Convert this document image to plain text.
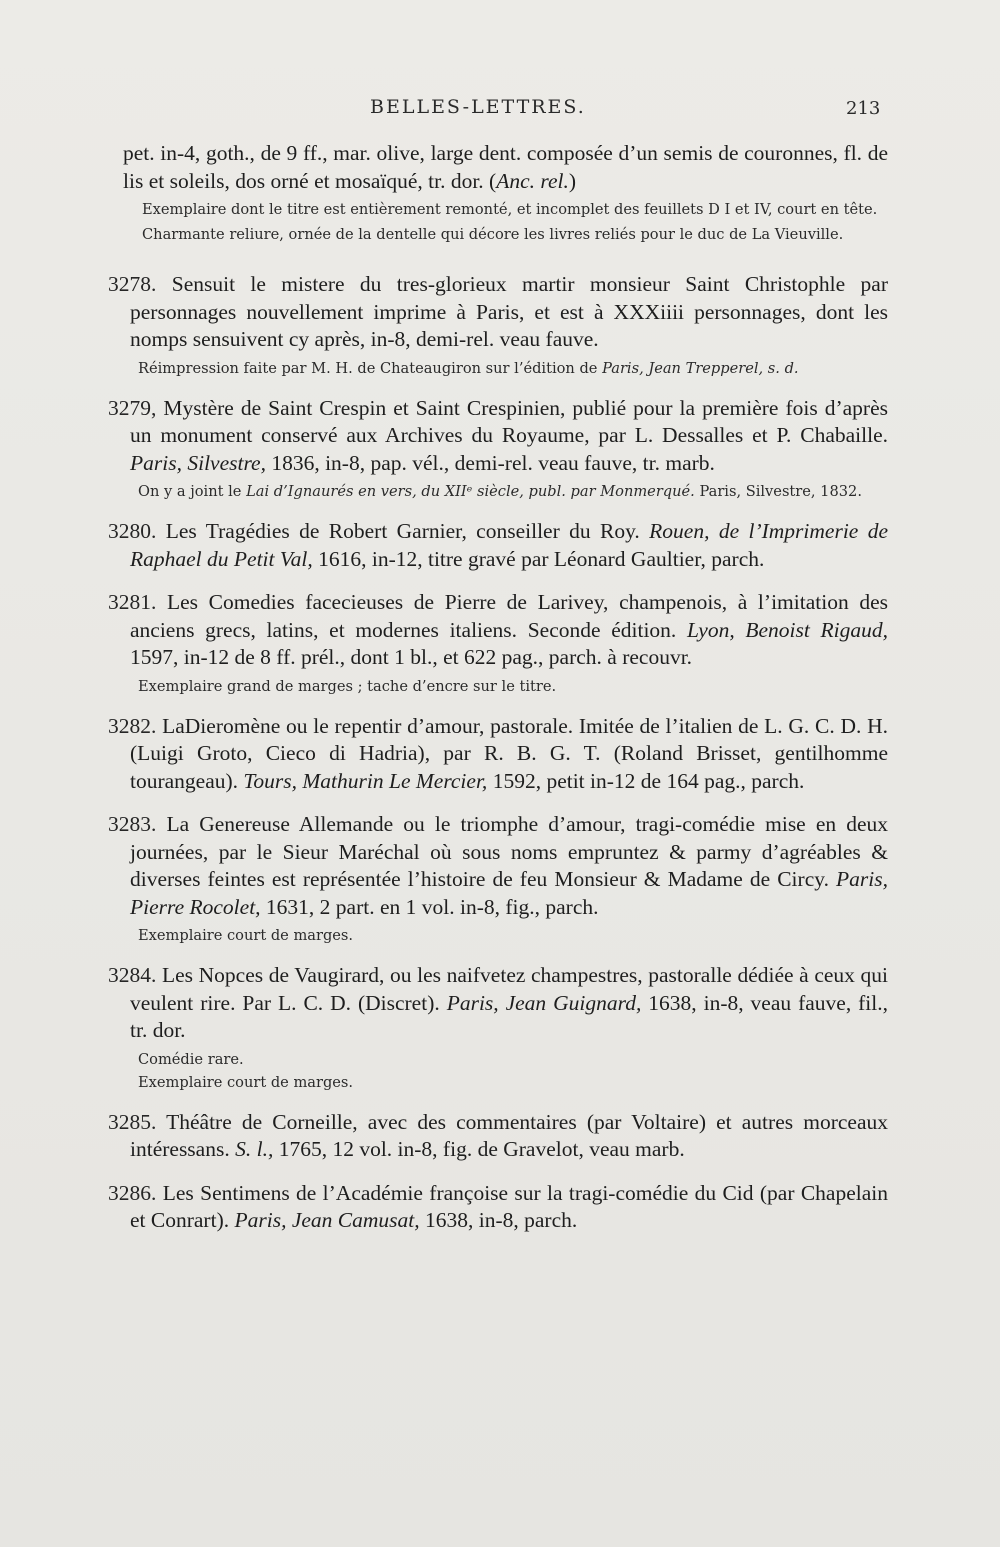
BELLES-LETTRES.	213

pet. in-4, goth., de 9 ff., mar. olive, large dent. composée d’un semis de couronnes, fl. de lis et soleils, dos orné et mosaïqué, tr. dor. (Anc. rel.)

Exemplaire dont le titre est entièrement remonté, et incomplet des feuillets D I et IV, court en tête.

Charmante reliure, ornée de la dentelle qui décore les livres reliés pour le duc de La Vieuville.

3278. Sensuit le mistere du tres-glorieux martir monsieur Saint Christophle par personnages nouvellement imprime à Paris, et est à XXXiiii personnages, dont les nomps sensuivent cy après, in-8, demi-rel. veau fauve.

Réimpression faite par M. H. de Chateaugiron sur l’édition de Paris, Jean Trepperel, s. d.

3279, Mystère de Saint Crespin et Saint Crespinien, publié pour la première fois d’après un monument conservé aux Archives du Royaume, par L. Dessalles et P. Chabaille. Paris, Silvestre, 1836, in-8, pap. vél., demi-rel. veau fauve, tr. marb.

On y a joint le Lai d’Ignaurés en vers, du XIIᵉ siècle, publ. par Monmerqué. Paris, Silvestre, 1832.

3280. Les Tragédies de Robert Garnier, conseiller du Roy. Rouen, de l’Imprimerie de Raphael du Petit Val, 1616, in-12, titre gravé par Léonard Gaultier, parch.

3281. Les Comedies facecieuses de Pierre de Larivey, champenois, à l’imitation des anciens grecs, latins, et modernes italiens. Seconde édition. Lyon, Benoist Rigaud, 1597, in-12 de 8 ff. prél., dont 1 bl., et 622 pag., parch. à recouvr.

Exemplaire grand de marges ; tache d’encre sur le titre.

3282. LaDieromène ou le repentir d’amour, pastorale. Imitée de l’italien de L. G. C. D. H. (Luigi Groto, Cieco di Hadria), par R. B. G. T. (Roland Brisset, gentilhomme tourangeau). Tours, Mathurin Le Mercier, 1592, petit in-12 de 164 pag., parch.

3283. La Genereuse Allemande ou le triomphe d’amour, tragi-comédie mise en deux journées, par le Sieur Maréchal où sous noms empruntez & parmy d’agréables & diverses feintes est représentée l’histoire de feu Monsieur & Madame de Circy. Paris, Pierre Rocolet, 1631, 2 part. en 1 vol. in-8, fig., parch.

Exemplaire court de marges.

3284. Les Nopces de Vaugirard, ou les naifvetez champestres, pastoralle dédiée à ceux qui veulent rire. Par L. C. D. (Discret). Paris, Jean Guignard, 1638, in-8, veau fauve, fil., tr. dor.

Comédie rare.

Exemplaire court de marges.

3285. Théâtre de Corneille, avec des commentaires (par Voltaire) et autres morceaux intéressans. S. l., 1765, 12 vol. in-8, fig. de Gravelot, veau marb.

3286. Les Sentimens de l’Académie françoise sur la tragi-comédie du Cid (par Chapelain et Conrart). Paris, Jean Camusat, 1638, in-8, parch.
